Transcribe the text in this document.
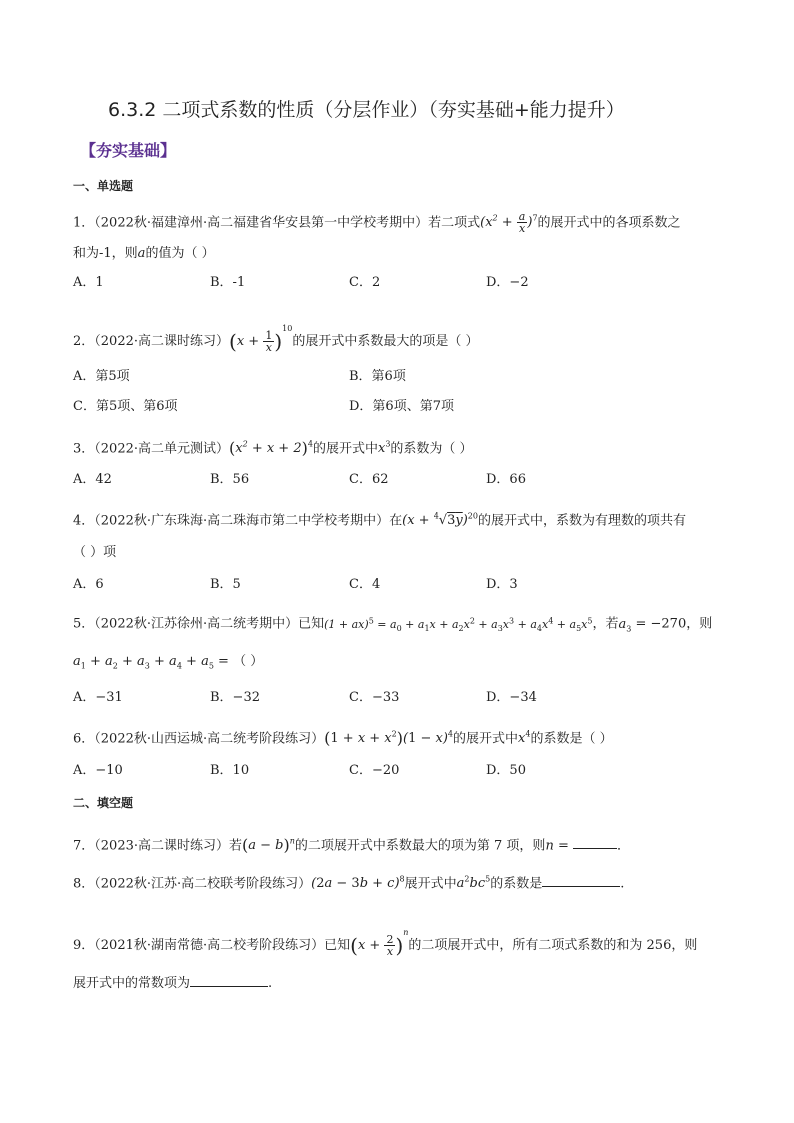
6.3.2 二项式系数的性质（分层作业）（夯实基础+能力提升）
【夯实基础】
一、单选题
1．（2022秋·福建漳州·高二福建省华安县第一中学校考期中）若二项式$(x^2 + \frac{a}{x} )^7$的展开式中的各项系数之
和为-1，则a的值为（ ）
A．1	B．-1	C．2	D．−2
2．（2022·高二课时练习）$(x + \frac{1}{x} )^{10}$的展开式中系数最大的项是（ ）
A．第5项	B．第6项
C．第5项、第6项	D．第6项、第7项
3．（2022·高二单元测试）$(x^2 + x + 2)^4$的展开式中$x^3$的系数为（ ）
A．42	B．56	C．62	D．66
4．（2022秋·广东珠海·高二珠海市第二中学校考期中）在$(x + ^4√3y)^{20}$的展开式中，系数为有理数的项共有
（ ）项
A．6	B．5	C．4	D．3
5．（2022秋·江苏徐州·高二统考期中）已知$(1 + ax)^5 = a_0 + a_1x + a_2x^2 + a_3x^3 + a_4x^4 + a_5x^5$，若$a_3 = -270$，则
$a_1 + a_2 + a_3 + a_4 + a_5$ = （ ）
A．−31	B．−32	C．−33	D．−34
6．（2022秋·山西运城·高二统考阶段练习）$(1 + x + x^2)(1 - x)^4$的展开式中$x^4$的系数是（ ）
A．−10	B．10	C．−20	D．50
二、填空题
7．（2023·高二课时练习）若$(a - b)^n$的二项展开式中系数最大的项为第 7 项，则n =	．
8．（2022秋·江苏·高二校联考阶段练习）$(2a - 3b + c)^8$展开式中$a^2bc^5$的系数是	.
9．（2021秋·湖南常德·高二校考阶段练习）已知$(x + \frac{2}{x} )^n$的二项展开式中，所有二项式系数的和为 256，则
展开式中的常数项为	.
